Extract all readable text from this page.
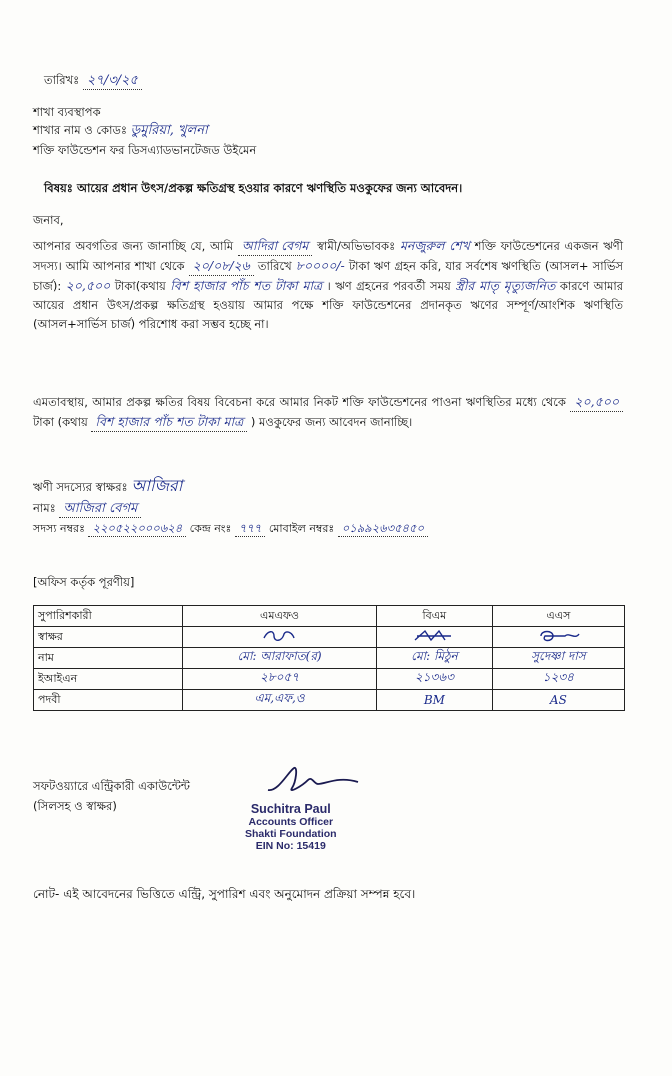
তারিখঃ ২৭/৩/২৫
শাখা ব্যবস্থাপক
শাখার নাম ও কোডঃ ডুমুরিয়া, খুলনা
শক্তি ফাউন্ডেশন ফর ডিসএ্যাডভানটেজড উইমেন
বিষয়ঃ আয়ের প্রধান উৎস/প্রকল্প ক্ষতিগ্রস্থ হওয়ার কারণে ঋণস্থিতি মওকুফের জন্য আবেদন।
জনাব,
আপনার অবগতির জন্য জানাচ্ছি যে, আমি আদিরা বেগম স্বামী/অভিভাবকঃ মনজুরুল শেখ শক্তি ফাউন্ডেশনের একজন ঋণী সদস্য। আমি আপনার শাখা থেকে ২০/০৮/২৬ তারিখে ৮০০০০/- টাকা ঋণ গ্রহন করি, যার সর্বশেষ ঋণস্থিতি (আসল+ সার্ভিস চার্জ): ২০,৫০০ টাকা(কথায় বিশ হাজার পাঁচ শত টাকা মাত্র । ঋণ গ্রহনের পরবর্তী সময় স্ত্রীর মাতৃ মৃত্যুজনিত কারণে আমার আয়ের প্রধান উৎস/প্রকল্প ক্ষতিগ্রস্থ হওয়ায় আমার পক্ষে শক্তি ফাউন্ডেশনের প্রদানকৃত ঋণের সম্পূর্ণ/আংশিক ঋণস্থিতি (আসল+সার্ভিস চার্জ) পরিশোধ করা সম্ভব হচ্ছে না।
এমতাবস্থায়, আমার প্রকল্প ক্ষতির বিষয় বিবেচনা করে আমার নিকট শক্তি ফাউন্ডেশনের পাওনা ঋণস্থিতির মধ্যে থেকে ২০,৫০০ টাকা (কথায় বিশ হাজার পাঁচ শত টাকা মাত্র ) মওকুফের জন্য আবেদন জানাচ্ছি।
ঋণী সদস্যের স্বাক্ষরঃ আজিরা
নামঃ আজিরা বেগম
সদস্য নম্বরঃ ২২০৫২২০০০৬২৪ কেন্দ্র নংঃ ৭৭৭ মোবাইল নম্বরঃ ০১৯৯২৬৩৫৪৫০
[অফিস কর্তৃক পূরণীয়]
সুপারিশকারী	এমএফও	বিএম	এএস
স্বাক্ষর			
নাম	মো: আরাফাত(র)	মো: মিঠুন	সুদেষ্ণা দাস
ইআইএন	২৮০৫৭	২১৩৬৩	১২৩৪
পদবী	এম,এফ,ও	BM	AS
সফটওয়্যারে এন্ট্রিকারী একাউন্টেন্ট
(সিলসহ ও স্বাক্ষর)	Suchitra Paul
Accounts Officer
Shakti Foundation
EIN No: 15419
নোট- এই আবেদনের ভিত্তিতে এন্ট্রি, সুপারিশ এবং অনুমোদন প্রক্রিয়া সম্পন্ন হবে।
